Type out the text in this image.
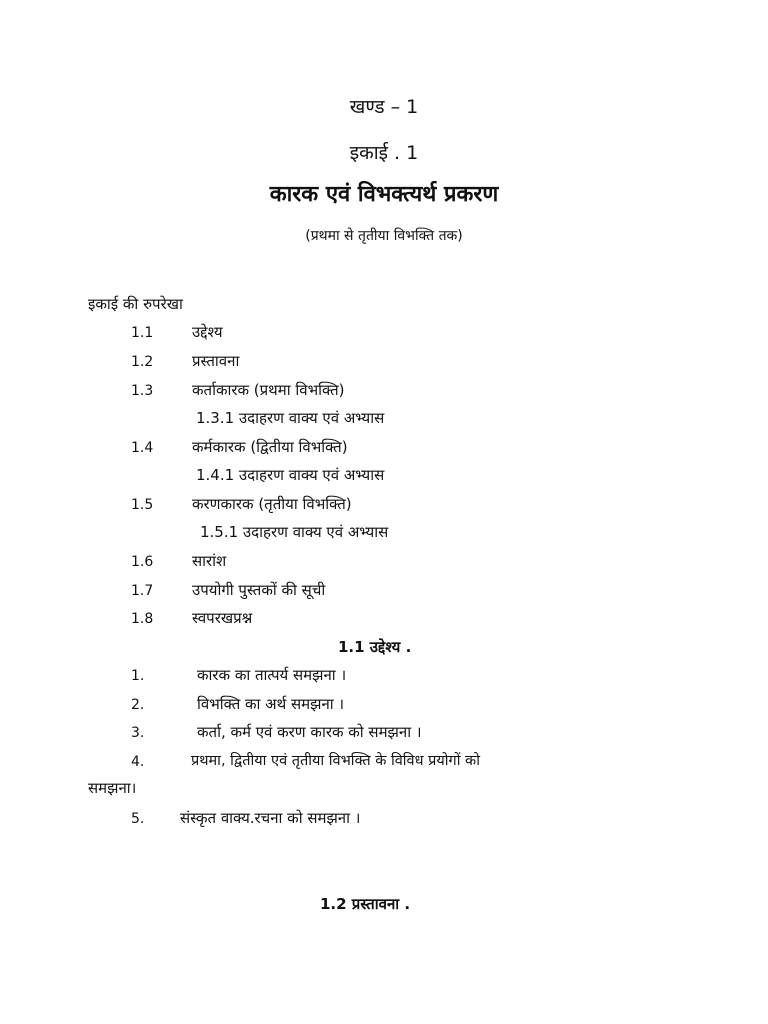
खण्ड – 1
इकाई . 1
कारक एवं विभक्त्यर्थ प्रकरण
(प्रथमा से तृतीया विभक्ति तक)
इकाई की रुपरेखा
1.1	उद्देश्य
1.2	प्रस्तावना
1.3	कर्ताकारक (प्रथमा विभक्ति)
1.3.1 उदाहरण वाक्य एवं अभ्यास
1.4	कर्मकारक (द्वितीया विभक्ति)
1.4.1 उदाहरण वाक्य एवं अभ्यास
1.5	करणकारक (तृतीया विभक्ति)
1.5.1 उदाहरण वाक्य एवं अभ्यास
1.6	सारांश
1.7	उपयोगी पुस्तकों की सूची
1.8	स्वपरखप्रश्न
1.1 उद्देश्य .
1.	कारक का तात्पर्य समझना ।
2.	विभक्ति का अर्थ समझना ।
3.	कर्ता, कर्म एवं करण कारक को समझना ।
4.	प्रथमा, द्वितीया एवं तृतीया विभक्ति के विविध प्रयोगों को
समझना।
5. संस्कृत वाक्य.रचना को समझना ।
1.2 प्रस्तावना .
